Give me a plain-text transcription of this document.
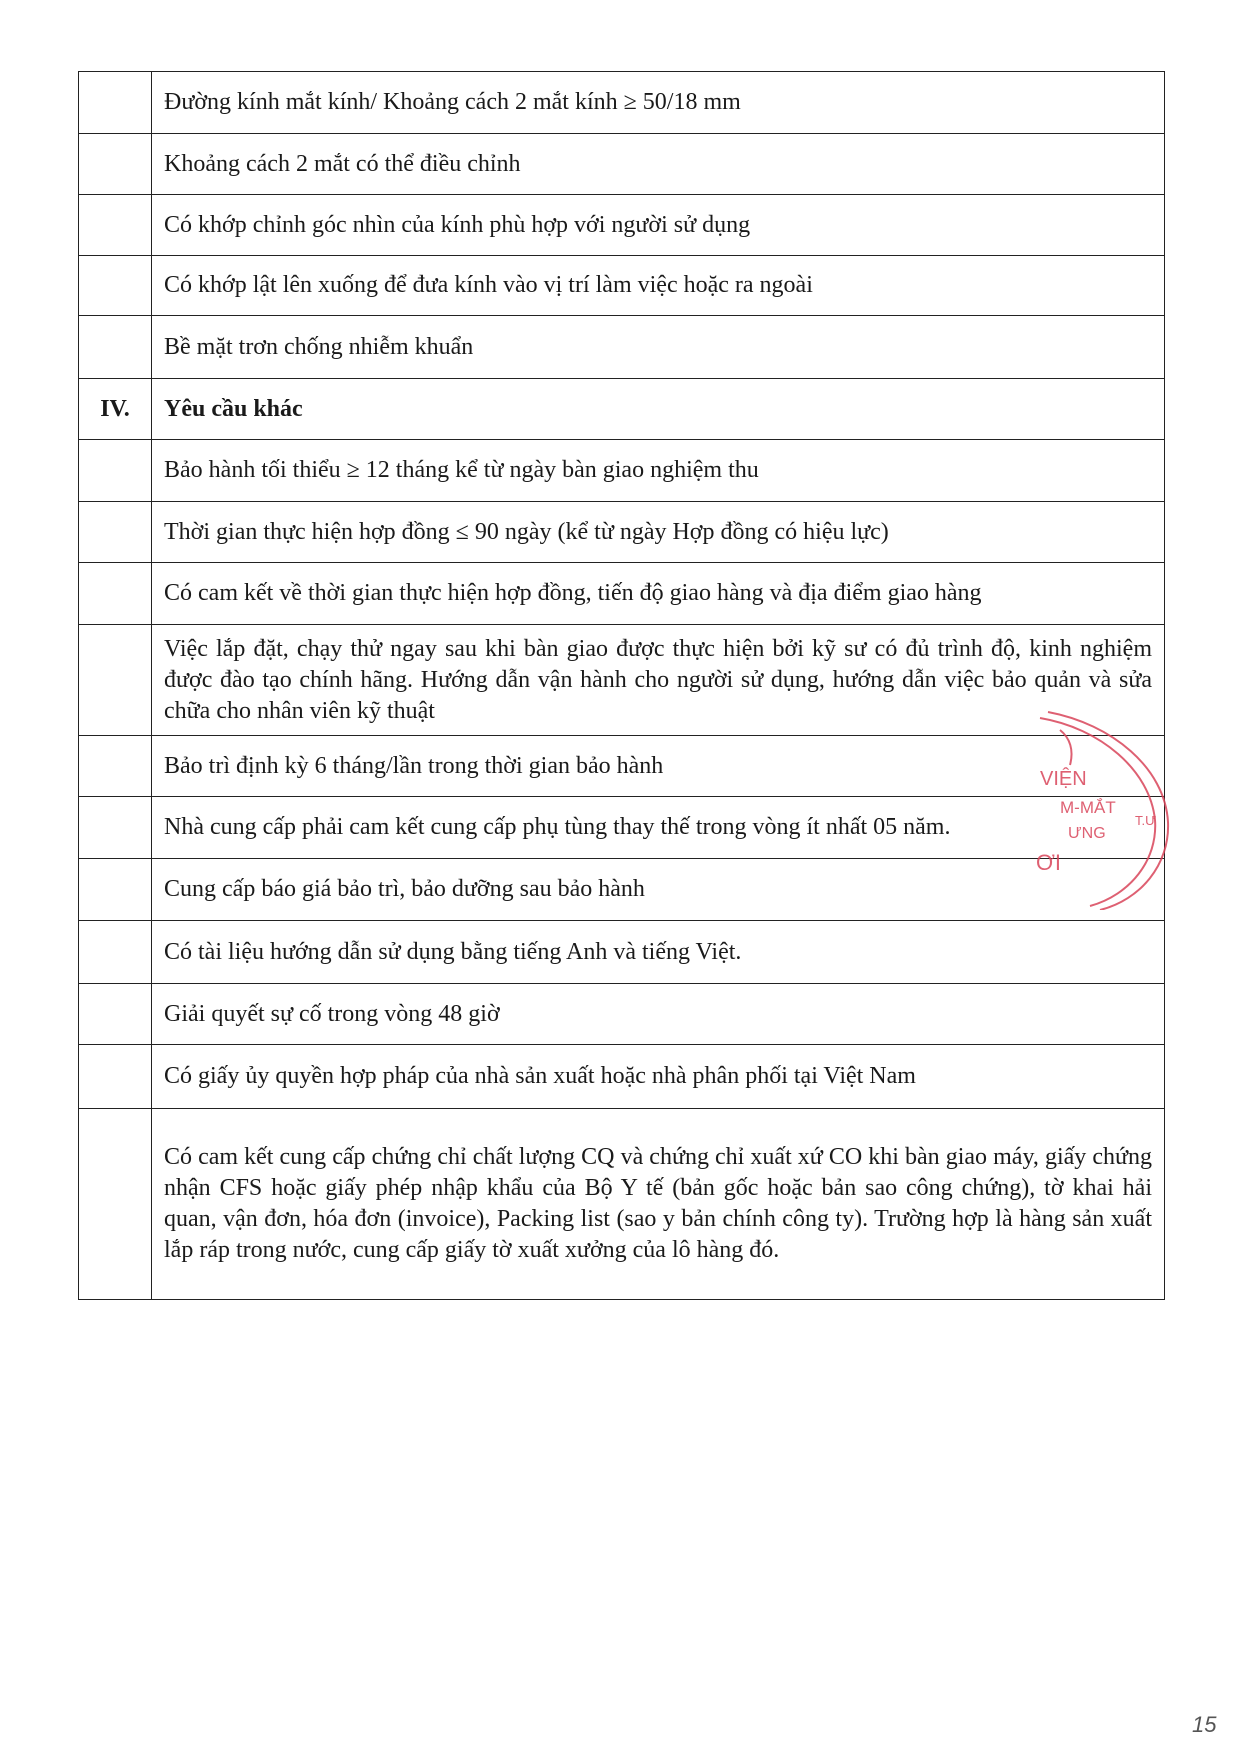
	Đường kính mắt kính/ Khoảng cách 2 mắt kính ≥ 50/18 mm
	Khoảng cách 2 mắt có thể điều chỉnh
	Có khớp chỉnh góc nhìn của kính phù hợp với người sử dụng
	Có khớp lật lên xuống để đưa kính vào vị trí làm việc hoặc ra ngoài
	Bề mặt trơn chống nhiễm khuẩn
IV.	Yêu cầu khác
	Bảo hành tối thiểu ≥ 12 tháng kể từ ngày bàn giao nghiệm thu
	Thời gian thực hiện hợp đồng ≤ 90 ngày (kể từ ngày Hợp đồng có hiệu lực)
	Có cam kết về thời gian thực hiện hợp đồng, tiến độ giao hàng và địa điểm giao hàng
	Việc lắp đặt, chạy thử ngay sau khi bàn giao được thực hiện bởi kỹ sư có đủ trình độ, kinh nghiệm được đào tạo chính hãng. Hướng dẫn vận hành cho người sử dụng, hướng dẫn việc bảo quản và sửa chữa cho nhân viên kỹ thuật
	Bảo trì định kỳ 6 tháng/lần trong thời gian bảo hành
	Nhà cung cấp phải cam kết cung cấp phụ tùng thay thế trong vòng ít nhất 05 năm.
	Cung cấp báo giá bảo trì, bảo dưỡng sau bảo hành
	Có tài liệu hướng dẫn sử dụng bằng tiếng Anh và tiếng Việt.
	Giải quyết sự cố trong vòng 48 giờ
	Có giấy ủy quyền hợp pháp của nhà sản xuất hoặc nhà phân phối tại Việt Nam
	Có cam kết cung cấp chứng chỉ chất lượng CQ và chứng chỉ xuất xứ CO khi bàn giao máy, giấy chứng nhận CFS hoặc giấy phép nhập khẩu của Bộ Y tế (bản gốc hoặc bản sao công chứng), tờ khai hải quan, vận đơn, hóa đơn (invoice), Packing list (sao y bản chính công ty). Trường hợp là hàng sản xuất lắp ráp trong nước, cung cấp giấy tờ xuất xưởng của lô hàng đó.
VIỆN
M-MẮT
ƯNG
ƠI
T.Ư
15
